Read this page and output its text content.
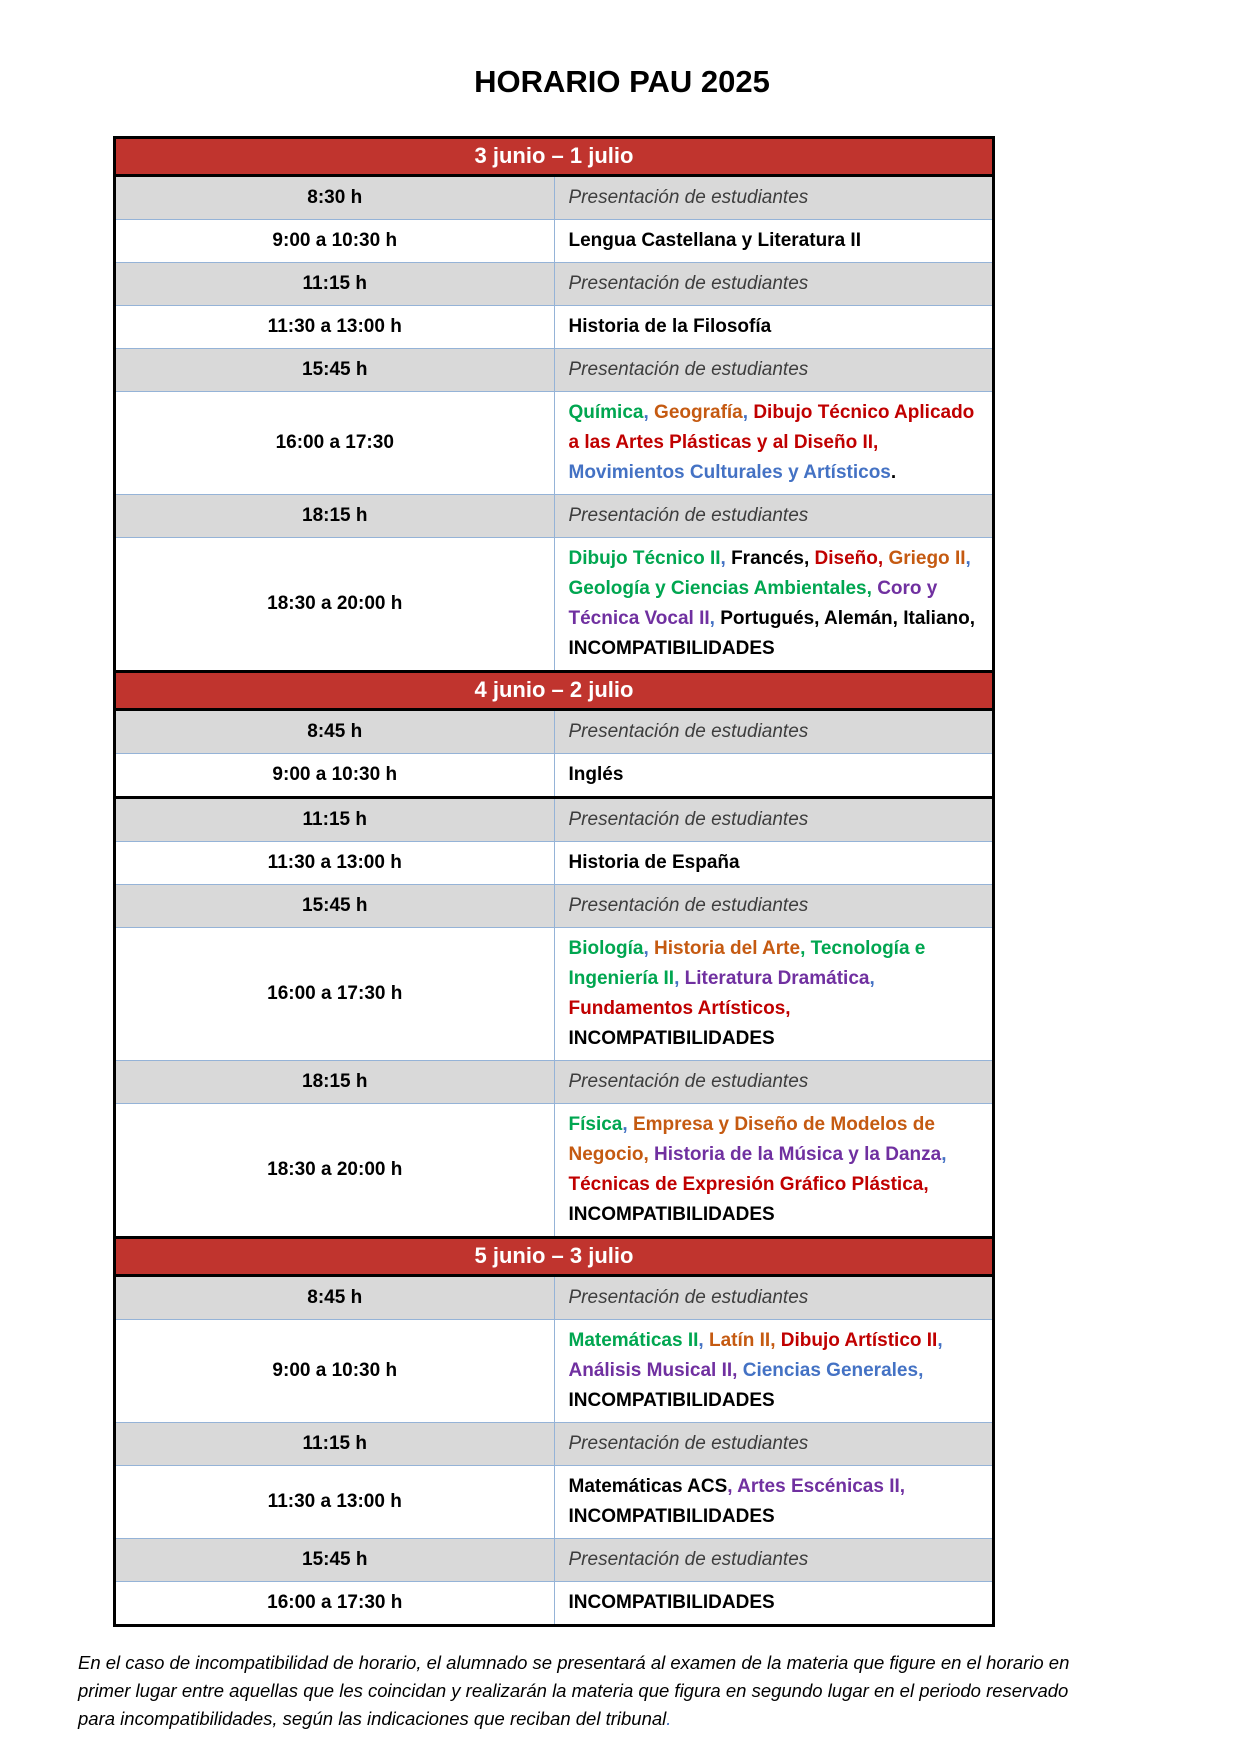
HORARIO PAU 2025
3 junio – 1 julio	
8:30 h	Presentación de estudiantes
9:00 a 10:30 h	Lengua Castellana y Literatura II
11:15 h	Presentación de estudiantes
11:30 a 13:00 h	Historia de la Filosofía
15:45 h	Presentación de estudiantes
16:00 a 17:30	Química, Geografía, Dibujo Técnico Aplicado a las Artes Plásticas y al Diseño II, Movimientos Culturales y Artísticos.
18:15 h	Presentación de estudiantes
18:30 a 20:00 h	Dibujo Técnico II, Francés, Diseño, Griego II, Geología y Ciencias Ambientales, Coro y Técnica Vocal II, Portugués, Alemán, Italiano, INCOMPATIBILIDADES
4 junio – 2 julio	
8:45 h	Presentación de estudiantes
9:00 a 10:30 h	Inglés
11:15 h	Presentación de estudiantes
11:30 a 13:00 h	Historia de España
15:45 h	Presentación de estudiantes
16:00 a 17:30 h	Biología, Historia del Arte, Tecnología e Ingeniería II, Literatura Dramática, Fundamentos Artísticos, INCOMPATIBILIDADES
18:15 h	Presentación de estudiantes
18:30 a 20:00 h	Física, Empresa y Diseño de Modelos de Negocio, Historia de la Música y la Danza, Técnicas de Expresión Gráfico Plástica, INCOMPATIBILIDADES
5 junio – 3 julio	
8:45 h	Presentación de estudiantes
9:00 a 10:30 h	Matemáticas II, Latín II, Dibujo Artístico II, Análisis Musical II, Ciencias Generales, INCOMPATIBILIDADES
11:15 h	Presentación de estudiantes
11:30 a 13:00 h	Matemáticas ACS, Artes Escénicas II, INCOMPATIBILIDADES
15:45 h	Presentación de estudiantes
16:00 a 17:30 h	INCOMPATIBILIDADES
En el caso de incompatibilidad de horario, el alumnado se presentará al examen de la materia que figure en el horario en primer lugar entre aquellas que les coincidan y realizarán la materia que figura en segundo lugar en el periodo reservado para incompatibilidades, según las indicaciones que reciban del tribunal.
